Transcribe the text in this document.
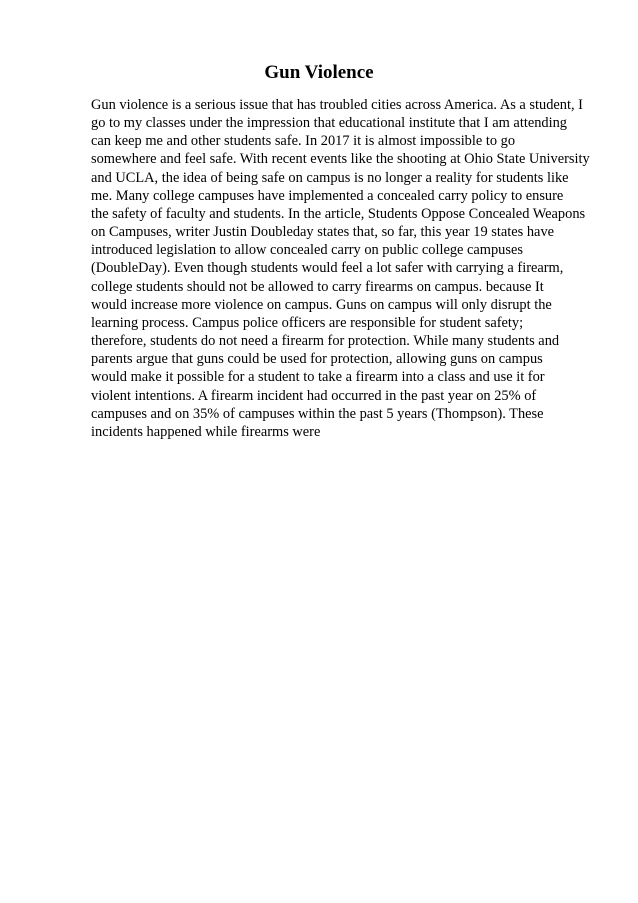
Gun Violence
Gun violence is a serious issue that has troubled cities across America. As a student, I
go to my classes under the impression that educational institute that I am attending
can keep me and other students safe. In 2017 it is almost impossible to go
somewhere and feel safe. With recent events like the shooting at Ohio State University
and UCLA, the idea of being safe on campus is no longer a reality for students like
me. Many college campuses have implemented a concealed carry policy to ensure
the safety of faculty and students. In the article, Students Oppose Concealed Weapons
on Campuses, writer Justin Doubleday states that, so far, this year 19 states have
introduced legislation to allow concealed carry on public college campuses
(DoubleDay). Even though students would feel a lot safer with carrying a firearm,
college students should not be allowed to carry firearms on campus. because It
would increase more violence on campus. Guns on campus will only disrupt the
learning process. Campus police officers are responsible for student safety;
therefore, students do not need a firearm for protection. While many students and
parents argue that guns could be used for protection, allowing guns on campus
would make it possible for a student to take a firearm into a class and use it for
violent intentions. A firearm incident had occurred in the past year on 25% of
campuses and on 35% of campuses within the past 5 years (Thompson). These
incidents happened while firearms were
